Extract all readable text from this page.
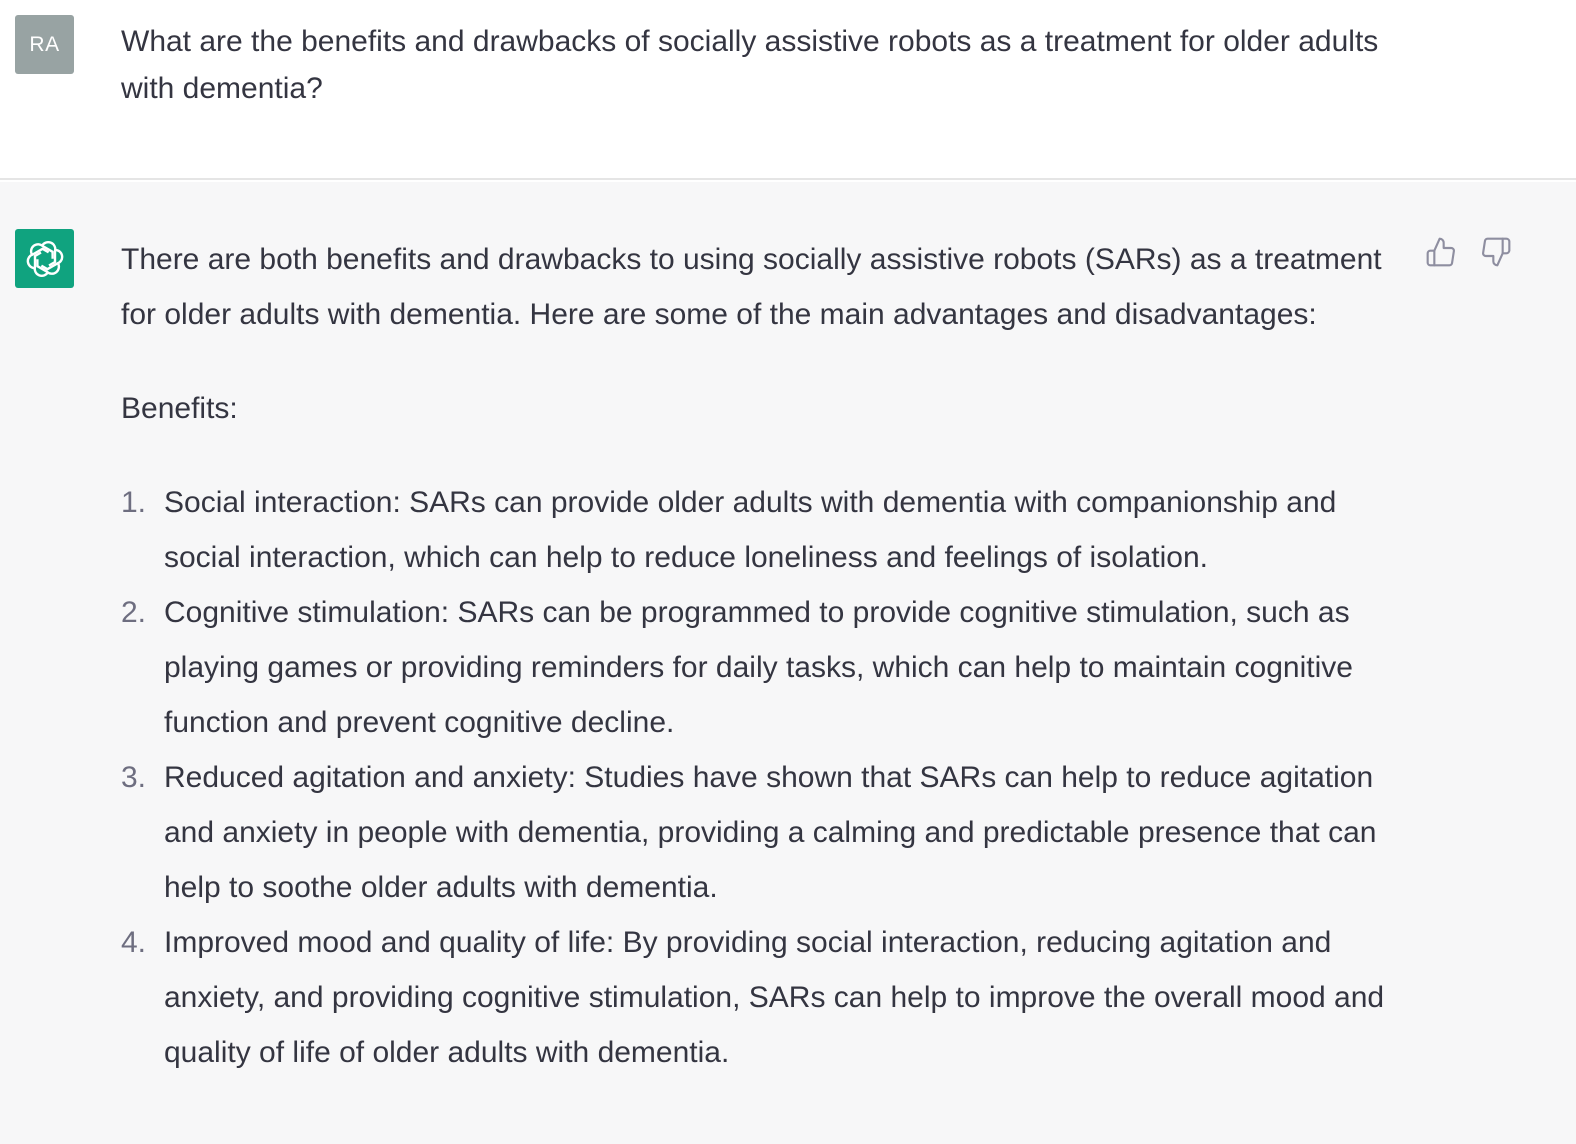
RA What are the benefits and drawbacks of socially assistive robots as a treatment for older adults with dementia?

There are both benefits and drawbacks to using socially assistive robots (SARs) as a treatment for older adults with dementia. Here are some of the main advantages and disadvantages:

Benefits:

1. Social interaction: SARs can provide older adults with dementia with companionship and social interaction, which can help to reduce loneliness and feelings of isolation.
2. Cognitive stimulation: SARs can be programmed to provide cognitive stimulation, such as playing games or providing reminders for daily tasks, which can help to maintain cognitive function and prevent cognitive decline.
3. Reduced agitation and anxiety: Studies have shown that SARs can help to reduce agitation and anxiety in people with dementia, providing a calming and predictable presence that can help to soothe older adults with dementia.
4. Improved mood and quality of life: By providing social interaction, reducing agitation and anxiety, and providing cognitive stimulation, SARs can help to improve the overall mood and quality of life of older adults with dementia.
